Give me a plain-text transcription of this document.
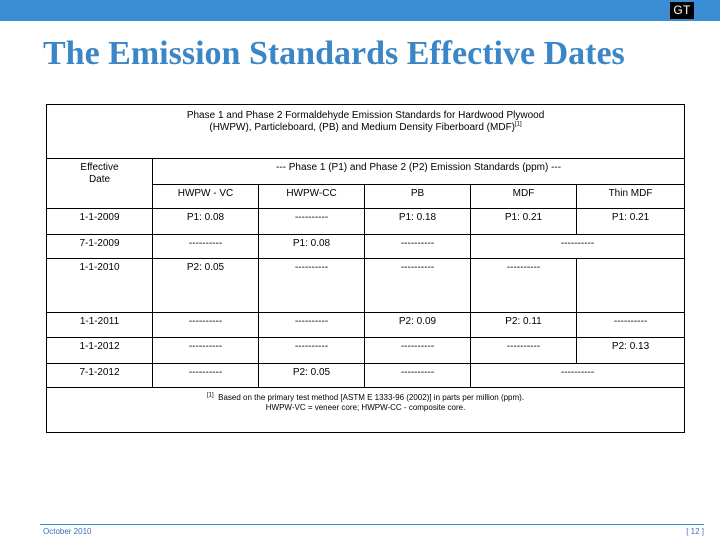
GT
The Emission Standards Effective Dates
Phase 1 and Phase 2 Formaldehyde Emission Standards for Hardwood Plywood
(HWPW), Particleboard, (PB) and Medium Density Fiberboard (MDF)[1]
Effective
Date	--- Phase 1 (P1) and Phase 2 (P2) Emission Standards (ppm) ---				
	HWPW - VC	HWPW-CC	PB	MDF	Thin MDF
1-1-2009	P1: 0.08	----------	P1: 0.18	P1: 0.21	P1: 0.21
7-1-2009	----------	P1: 0.08	----------	----------	
1-1-2010	P2: 0.05	----------	----------	----------	
1-1-2011	----------	----------	P2: 0.09	P2: 0.11	----------
1-1-2012	----------	----------	----------	----------	P2: 0.13
7-1-2012	----------	P2: 0.05	----------	----------	
[1] Based on the primary test method [ASTM E 1333-96 (2002)] in parts per million (ppm).
HWPW-VC = veneer core; HWPW-CC - composite core.					
October 2010	[ 12 ]
